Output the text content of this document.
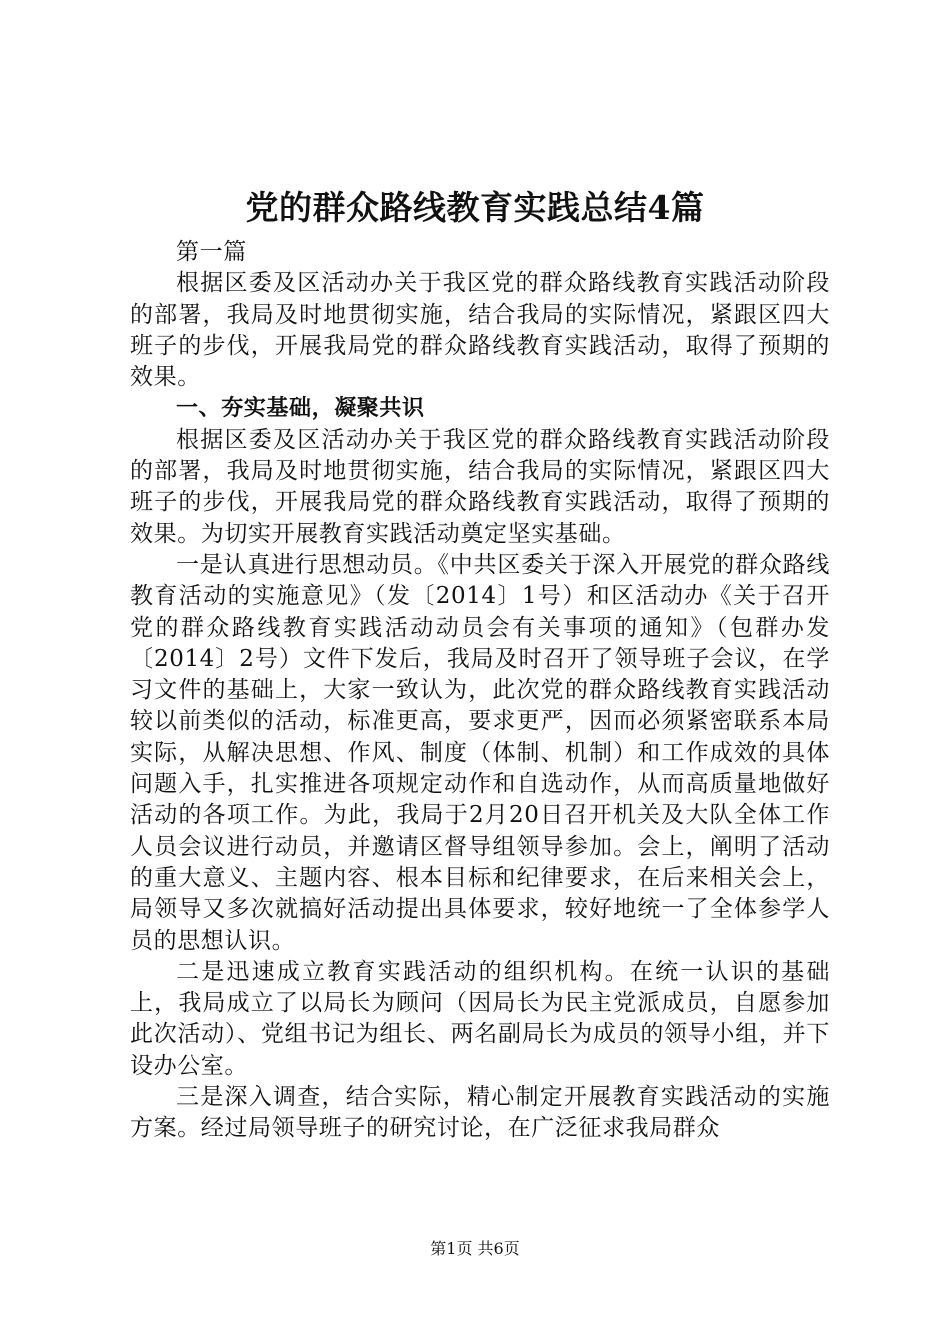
党的群众路线教育实践总结4篇

第一篇

根据区委及区活动办关于我区党的群众路线教育实践活动阶段的部署，我局及时地贯彻实施，结合我局的实际情况，紧跟区四大班子的步伐，开展我局党的群众路线教育实践活动，取得了预期的效果。

一、夯实基础，凝聚共识

根据区委及区活动办关于我区党的群众路线教育实践活动阶段的部署，我局及时地贯彻实施，结合我局的实际情况，紧跟区四大班子的步伐，开展我局党的群众路线教育实践活动，取得了预期的效果。为切实开展教育实践活动奠定坚实基础。

一是认真进行思想动员。《中共区委关于深入开展党的群众路线教育活动的实施意见》（发〔2014〕1号）和区活动办《关于召开党的群众路线教育实践活动动员会有关事项的通知》（包群办发〔2014〕2号）文件下发后，我局及时召开了领导班子会议，在学习文件的基础上，大家一致认为，此次党的群众路线教育实践活动较以前类似的活动，标准更高，要求更严，因而必须紧密联系本局实际，从解决思想、作风、制度（体制、机制）和工作成效的具体问题入手，扎实推进各项规定动作和自选动作，从而高质量地做好活动的各项工作。为此，我局于2月20日召开机关及大队全体工作人员会议进行动员，并邀请区督导组领导参加。会上，阐明了活动的重大意义、主题内容、根本目标和纪律要求，在后来相关会上，局领导又多次就搞好活动提出具体要求，较好地统一了全体参学人员的思想认识。

二是迅速成立教育实践活动的组织机构。在统一认识的基础上，我局成立了以局长为顾问（因局长为民主党派成员，自愿参加此次活动）、党组书记为组长、两名副局长为成员的领导小组，并下设办公室。

三是深入调查，结合实际，精心制定开展教育实践活动的实施方案。经过局领导班子的研究讨论，在广泛征求我局群众

第1页 共6页
